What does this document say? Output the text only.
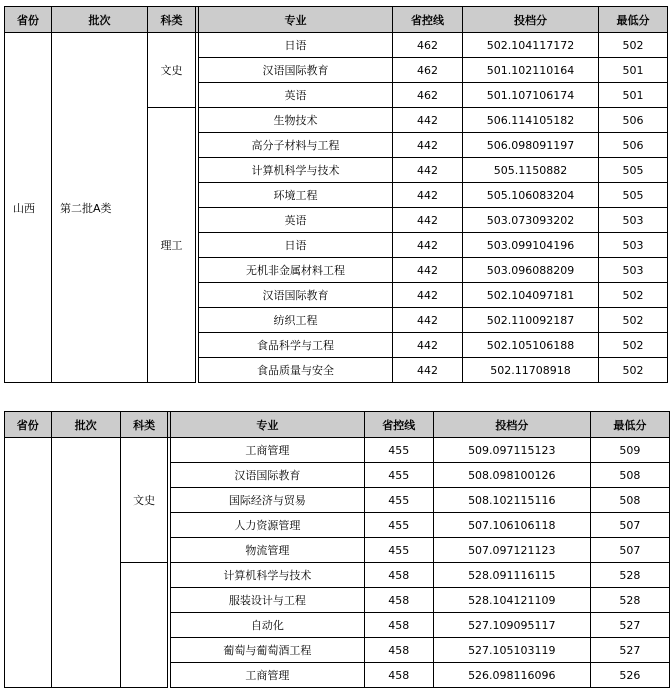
省份	批次	科类		专业	省控线	投档分	最低分
山西	第二批A类	文史		日语	462	502.104117172	502
				汉语国际教育	462	501.102110164	501
				英语	462	501.107106174	501
		理工		生物技术	442	506.114105182	506
				高分子材料与工程	442	506.098091197	506
				计算机科学与技术	442	505.1150882	505
				环境工程	442	505.106083204	505
				英语	442	503.073093202	503
				日语	442	503.099104196	503
				无机非金属材料工程	442	503.096088209	503
				汉语国际教育	442	502.104097181	502
				纺织工程	442	502.110092187	502
				食品科学与工程	442	502.105106188	502
				食品质量与安全	442	502.11708918	502
省份	批次	科类		专业	省控线	投档分	最低分
		文史		工商管理	455	509.097115123	509
				汉语国际教育	455	508.098100126	508
				国际经济与贸易	455	508.102115116	508
				人力资源管理	455	507.106106118	507
				物流管理	455	507.097121123	507
				计算机科学与技术	458	528.091116115	528
				服装设计与工程	458	528.104121109	528
				自动化	458	527.109095117	527
				葡萄与葡萄酒工程	458	527.105103119	527
				工商管理	458	526.098116096	526
